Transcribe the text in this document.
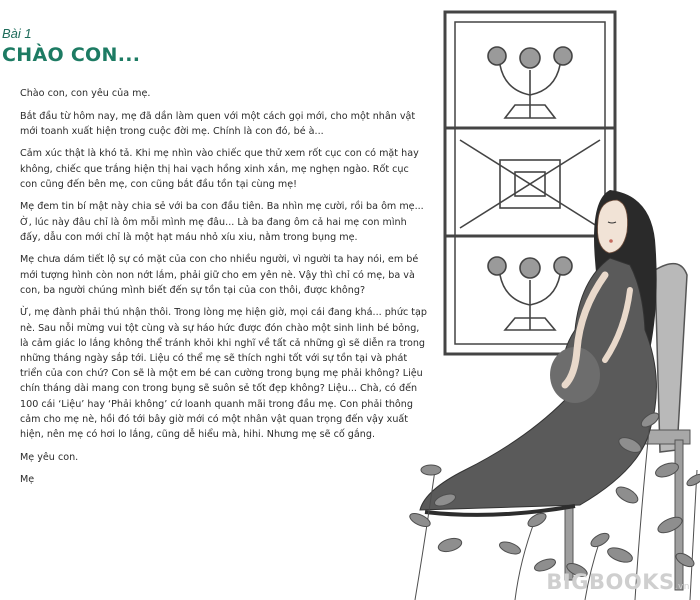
Bài 1
CHÀO CON...

Chào con, con yêu của mẹ.

Bắt đầu từ hôm nay, mẹ đã dần làm quen với một cách gọi mới, cho một nhân vật mới toanh xuất hiện trong cuộc đời mẹ. Chính là con đó, bé à...

Cảm xúc thật là khó tả. Khi mẹ nhìn vào chiếc que thử xem rốt cục con có mặt hay không, chiếc que trắng hiện thị hai vạch hồng xinh xắn, mẹ nghẹn ngào. Rốt cục con cũng đến bên mẹ, con cũng bắt đầu tồn tại cùng mẹ!

Mẹ đem tin bí mật này chia sẻ với ba con đầu tiên. Ba nhìn mẹ cười, rồi ba ôm mẹ... Ờ, lúc này đâu chỉ là ôm mỗi mình mẹ đâu... Là ba đang ôm cả hai mẹ con mình đấy, dẫu con mới chỉ là một hạt máu nhỏ xíu xiu, nằm trong bụng mẹ.

Mẹ chưa dám tiết lộ sự có mặt của con cho nhiều người, vì người ta hay nói, em bé mới tượng hình còn non nớt lắm, phải giữ cho em yên nè. Vậy thì chỉ có mẹ, ba và con, ba người chúng mình biết đến sự tồn tại của con thôi, được không?

Ừ, mẹ đành phải thú nhận thôi. Trong lòng mẹ hiện giờ, mọi cái đang khá... phức tạp nè. Sau nỗi mừng vui tột cùng và sự háo hức được đón chào một sinh linh bé bỏng, là cảm giác lo lắng không thể tránh khỏi khi nghĩ về tất cả những gì sẽ diễn ra trong những tháng ngày sắp tới. Liệu có thể mẹ sẽ thích nghi tốt với sự tồn tại và phát triển của con chứ? Con sẽ là một em bé can cường trong bụng mẹ phải không? Liệu chín tháng dài mang con trong bụng sẽ suôn sẻ tốt đẹp không? Liệu... Chà, có đến 100 cái ‘Liệu’ hay ‘Phải không’ cứ loanh quanh mãi trong đầu mẹ. Con phải thông cảm cho mẹ nè, hồi đó tới bây giờ mới có một nhân vật quan trọng đến vậy xuất hiện, nên mẹ có hơi lo lắng, cũng dễ hiểu mà, hihi. Nhưng mẹ sẽ cố gắng.

Mẹ yêu con.

Mẹ

BIGBOOKS.vn
